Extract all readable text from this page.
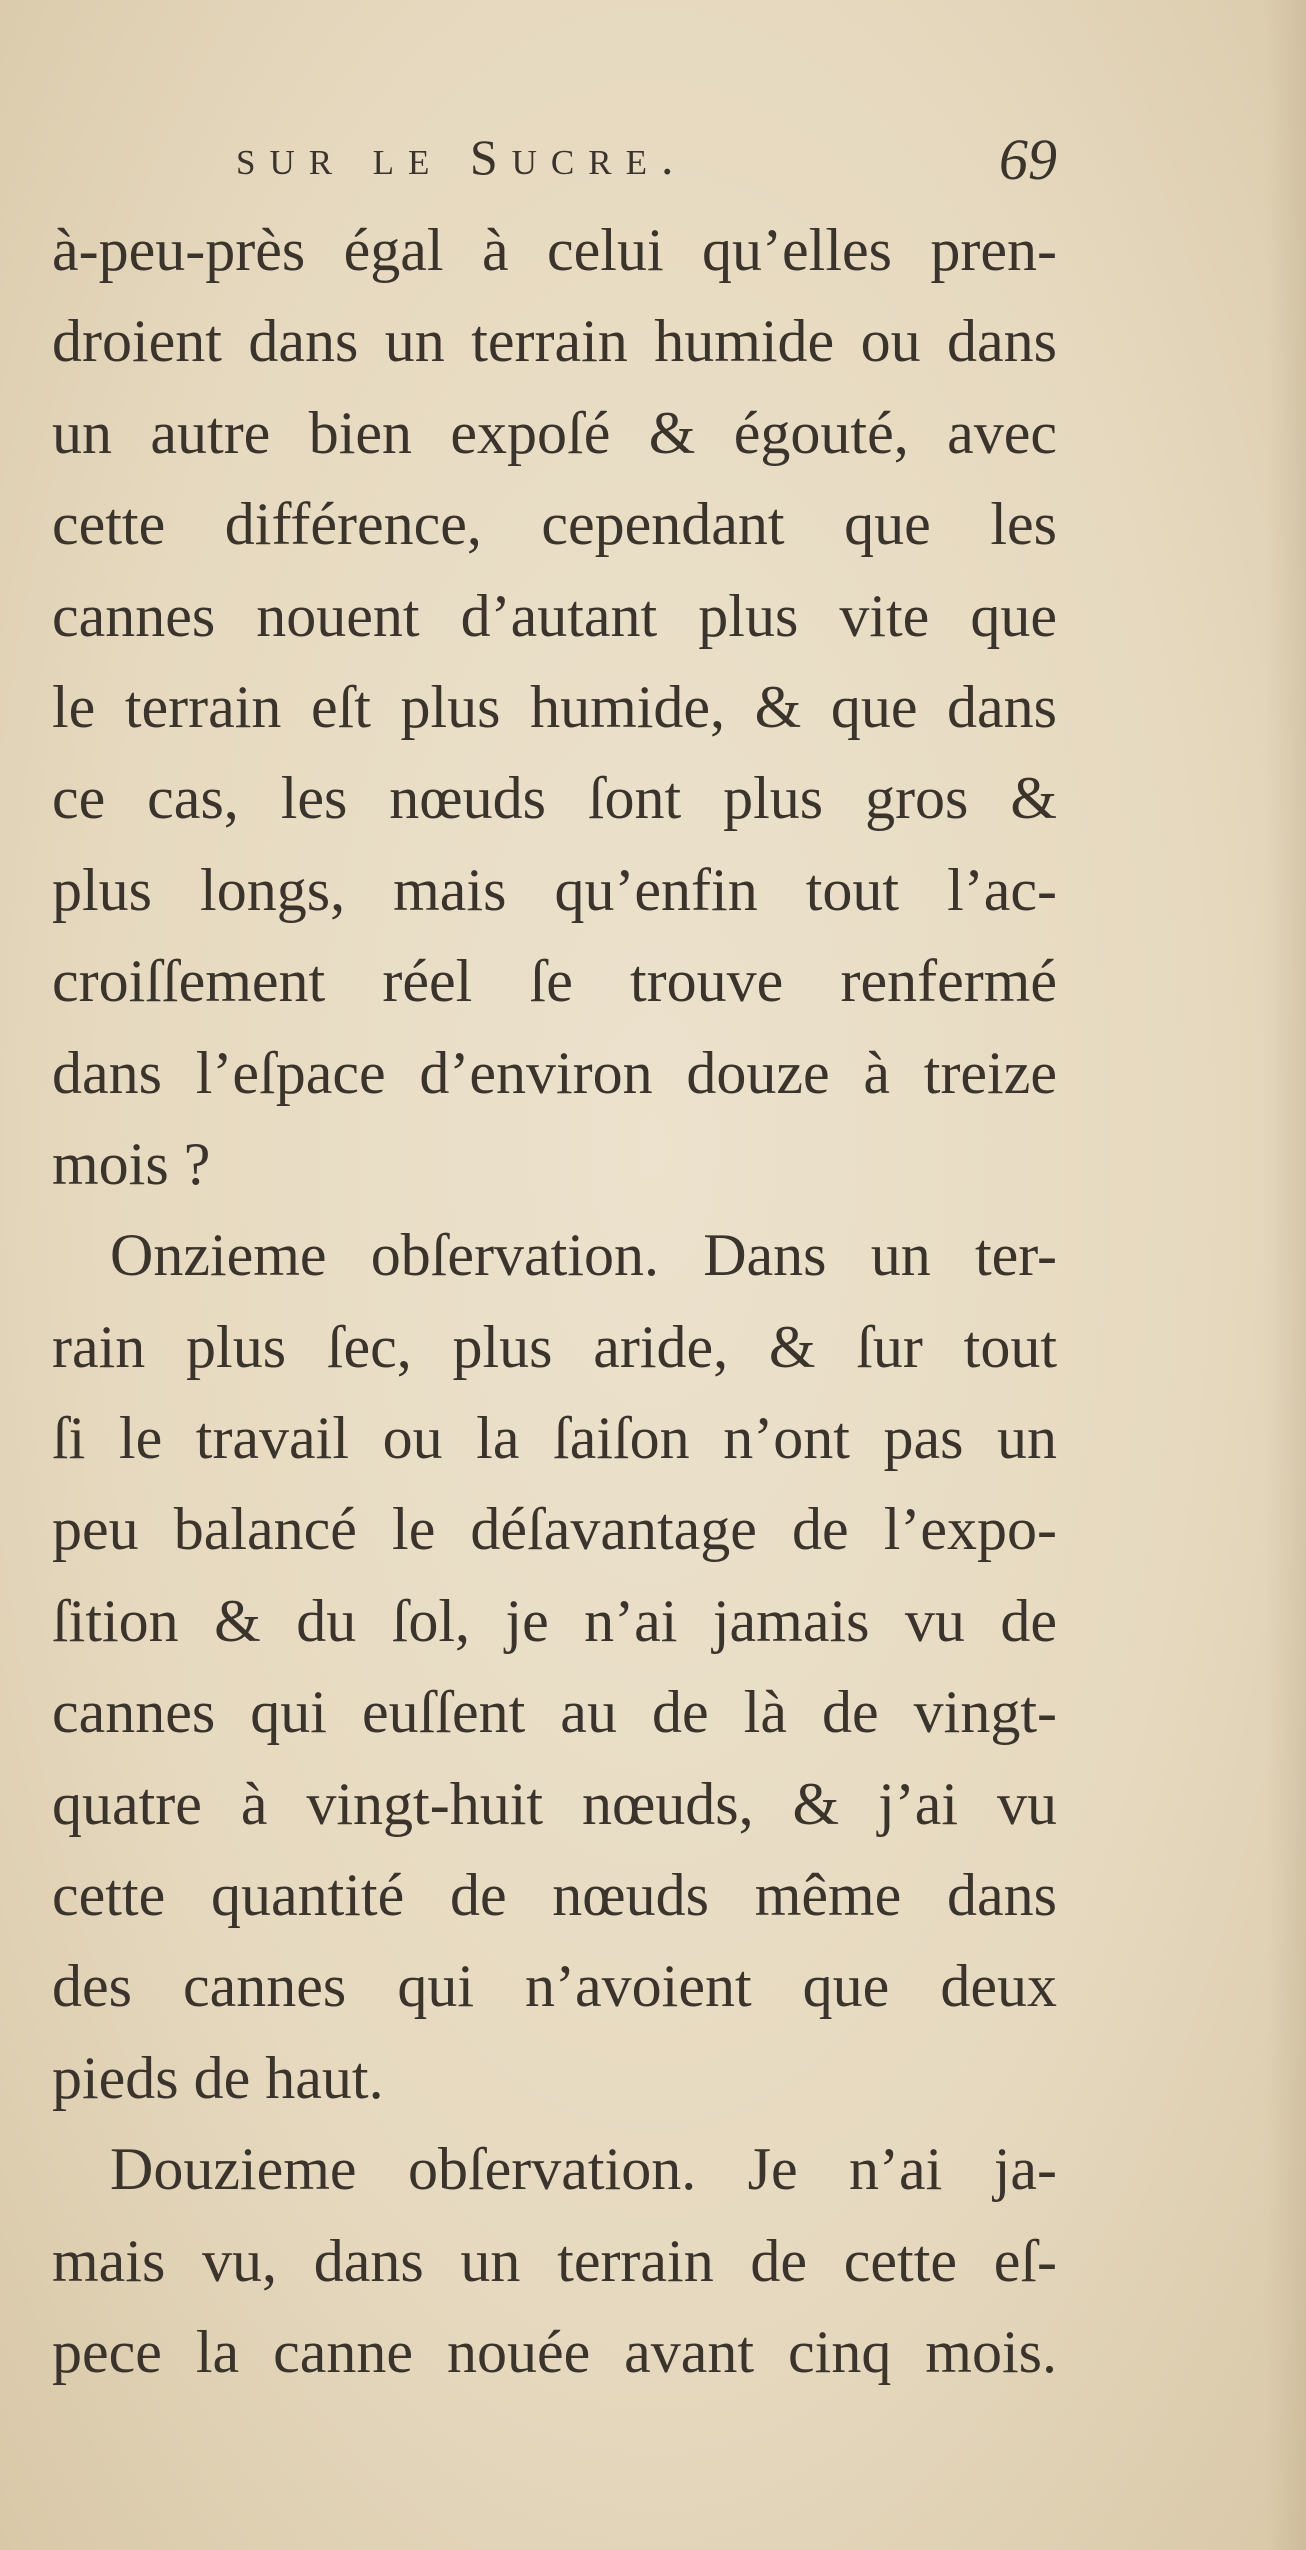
sur le Sucre.	69
à-peu-près égal à celui qu’elles pren-
droient dans un terrain humide ou dans
un autre bien expoſé & égouté, avec
cette différence, cependant que les
cannes nouent d’autant plus vite que
le terrain eſt plus humide, & que dans
ce cas, les nœuds ſont plus gros &
plus longs, mais qu’enfin tout l’ac-
croiſſement réel ſe trouve renfermé
dans l’eſpace d’environ douze à treize
mois ?
Onzieme obſervation. Dans un ter-
rain plus ſec, plus aride, & ſur tout
ſi le travail ou la ſaiſon n’ont pas un
peu balancé le déſavantage de l’expo-
ſition & du ſol, je n’ai jamais vu de
cannes qui euſſent au de là de vingt-
quatre à vingt-huit nœuds, & j’ai vu
cette quantité de nœuds même dans
des cannes qui n’avoient que deux
pieds de haut.
Douzieme obſervation. Je n’ai ja-
mais vu, dans un terrain de cette eſ-
pece la canne nouée avant cinq mois.
